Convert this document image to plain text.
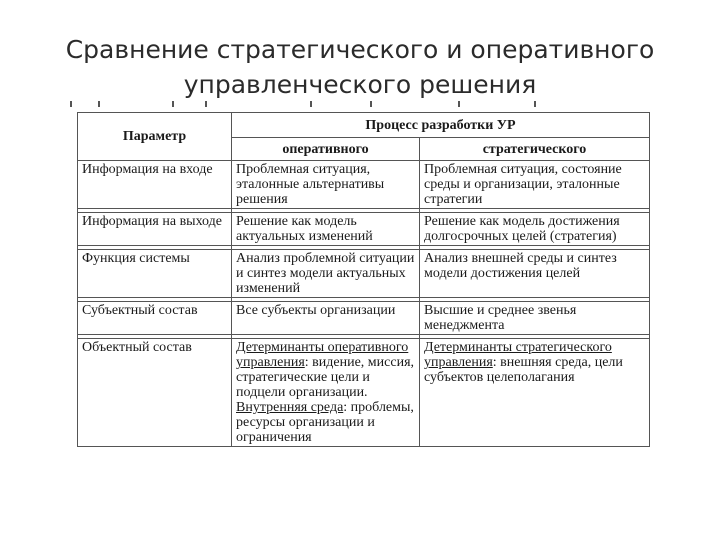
Сравнение стратегического и оперативного
управленческого решения
Параметр	Процесс разработки УР	
	оперативного	стратегического
Информация на входе	Проблемная ситуация, эталонные альтернативы решения	Проблемная ситуация, состояние среды и организации, эталонные стратегии

Информация на выходе	Решение как модель актуальных изменений	Решение как модель достижения долгосрочных целей (стратегия)

Функция системы	Анализ проблемной ситуации и синтез модели актуальных изменений	Анализ внешней среды и синтез модели достижения целей

Субъектный состав	Все субъекты организации	Высшие и среднее звенья менеджмента

Объектный состав	Детерминанты оперативного управления: видение, миссия, стратегические цели и подцели организации. Внутренняя среда: проблемы, ресурсы организации и ограничения	Детерминанты стратегического управления: внешняя среда, цели субъектов целеполагания
